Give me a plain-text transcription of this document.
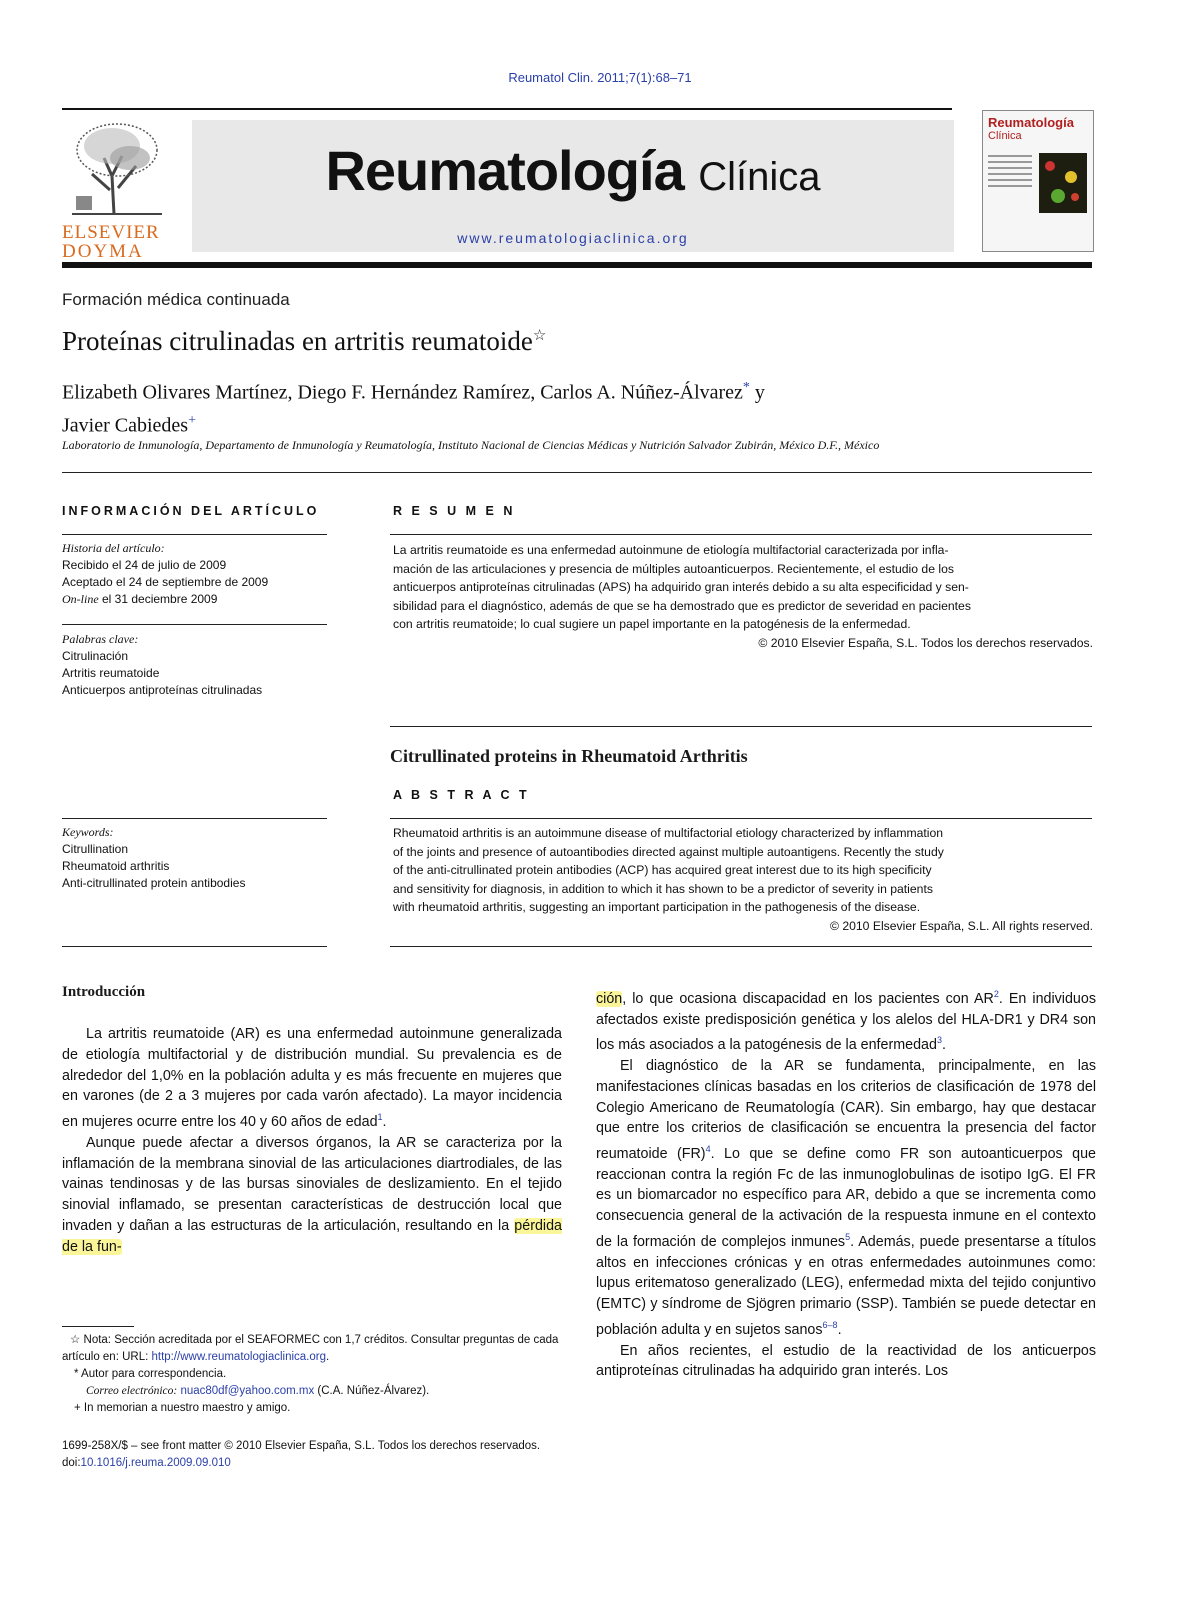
Reumatol Clin. 2011;7(1):68–71
ELSEVIER
DOYMA
Reumatología Clínica
www.reumatologiaclinica.org
Reumatología
Clínica
Formación médica continuada
Proteínas citrulinadas en artritis reumatoide☆
Elizabeth Olivares Martínez, Diego F. Hernández Ramírez, Carlos A. Núñez-Álvarez* y
Javier Cabiedes+
Laboratorio de Inmunología, Departamento de Inmunología y Reumatología, Instituto Nacional de Ciencias Médicas y Nutrición Salvador Zubirán, México D.F., México
INFORMACIÓN DEL ARTÍCULO
Historia del artículo:
Recibido el 24 de julio de 2009
Aceptado el 24 de septiembre de 2009
On-line el 31 deciembre 2009
Palabras clave:
Citrulinación
Artritis reumatoide
Anticuerpos antiproteínas citrulinadas
Keywords:
Citrullination
Rheumatoid arthritis
Anti-citrullinated protein antibodies
R E S U M E N
La artritis reumatoide es una enfermedad autoinmune de etiología multifactorial caracterizada por infla-
mación de las articulaciones y presencia de múltiples autoanticuerpos. Recientemente, el estudio de los
anticuerpos antiproteínas citrulinadas (APS) ha adquirido gran interés debido a su alta especificidad y sen-
sibilidad para el diagnóstico, además de que se ha demostrado que es predictor de severidad en pacientes
con artritis reumatoide; lo cual sugiere un papel importante en la patogénesis de la enfermedad.
© 2010 Elsevier España, S.L. Todos los derechos reservados.
Citrullinated proteins in Rheumatoid Arthritis
A B S T R A C T
Rheumatoid arthritis is an autoimmune disease of multifactorial etiology characterized by inflammation
of the joints and presence of autoantibodies directed against multiple autoantigens. Recently the study
of the anti-citrullinated protein antibodies (ACP) has acquired great interest due to its high specificity
and sensitivity for diagnosis, in addition to which it has shown to be a predictor of severity in patients
with rheumatoid arthritis, suggesting an important participation in the pathogenesis of the disease.
© 2010 Elsevier España, S.L. All rights reserved.
Introducción

La artritis reumatoide (AR) es una enfermedad autoinmune generalizada de etiología multifactorial y de distribución mundial. Su prevalencia es de alrededor del 1,0% en la población adulta y es más frecuente en mujeres que en varones (de 2 a 3 mujeres por cada varón afectado). La mayor incidencia en mujeres ocurre entre los 40 y 60 años de edad$^1$.

Aunque puede afectar a diversos órganos, la AR se caracteriza por la inflamación de la membrana sinovial de las articulaciones diartrodiales, de las vainas tendinosas y de las bursas sinoviales de deslizamiento. En el tejido sinovial inflamado, se presentan características de destrucción local que invaden y dañan a las estructuras de la articulación, resultando en la pérdida de la fun-

ción, lo que ocasiona discapacidad en los pacientes con $AR^2$. En individuos afectados existe predisposición genética y los alelos del HLA-DR1 y DR4 son los más asociados a la patogénesis de la enfermedad$^3$.

El diagnóstico de la AR se fundamenta, principalmente, en las manifestaciones clínicas basadas en los criterios de clasificación de 1978 del Colegio Americano de Reumatología (CAR). Sin embargo, hay que destacar que entre los criterios de clasificación se encuentra la presencia del factor reumatoide (FR)$^4$. Lo que se define como FR son autoanticuerpos que reaccionan contra la región Fc de las inmunoglobulinas de isotipo IgG. El FR es un biomarcador no específico para AR, debido a que se incrementa como consecuencia general de la activación de la respuesta inmune en el contexto de la formación de complejos inmunes$^5$. Además, puede presentarse a títulos altos en infecciones crónicas y en otras enfermedades autoinmunes como: lupus eritematoso generalizado (LEG), enfermedad mixta del tejido conjuntivo (EMTC) y síndrome de Sjögren primario (SSP). También se puede detectar en población adulta y en sujetos sanos$^{6-8}$.

En años recientes, el estudio de la reactividad de los anticuerpos antiproteínas citrulinadas ha adquirido gran interés. Los

☆ Nota: Sección acreditada por el SEAFORMEC con 1,7 créditos. Consultar preguntas de cada artículo en: URL: http://www.reumatologiaclinica.org.
* Autor para correspondencia.
Correo electrónico: nuac80df@yahoo.com.mx (C.A. Núñez-Álvarez).
+ In memorian a nuestro maestro y amigo.
1699-258X/$ – see front matter © 2010 Elsevier España, S.L. Todos los derechos reservados.
doi:10.1016/j.reuma.2009.09.010
